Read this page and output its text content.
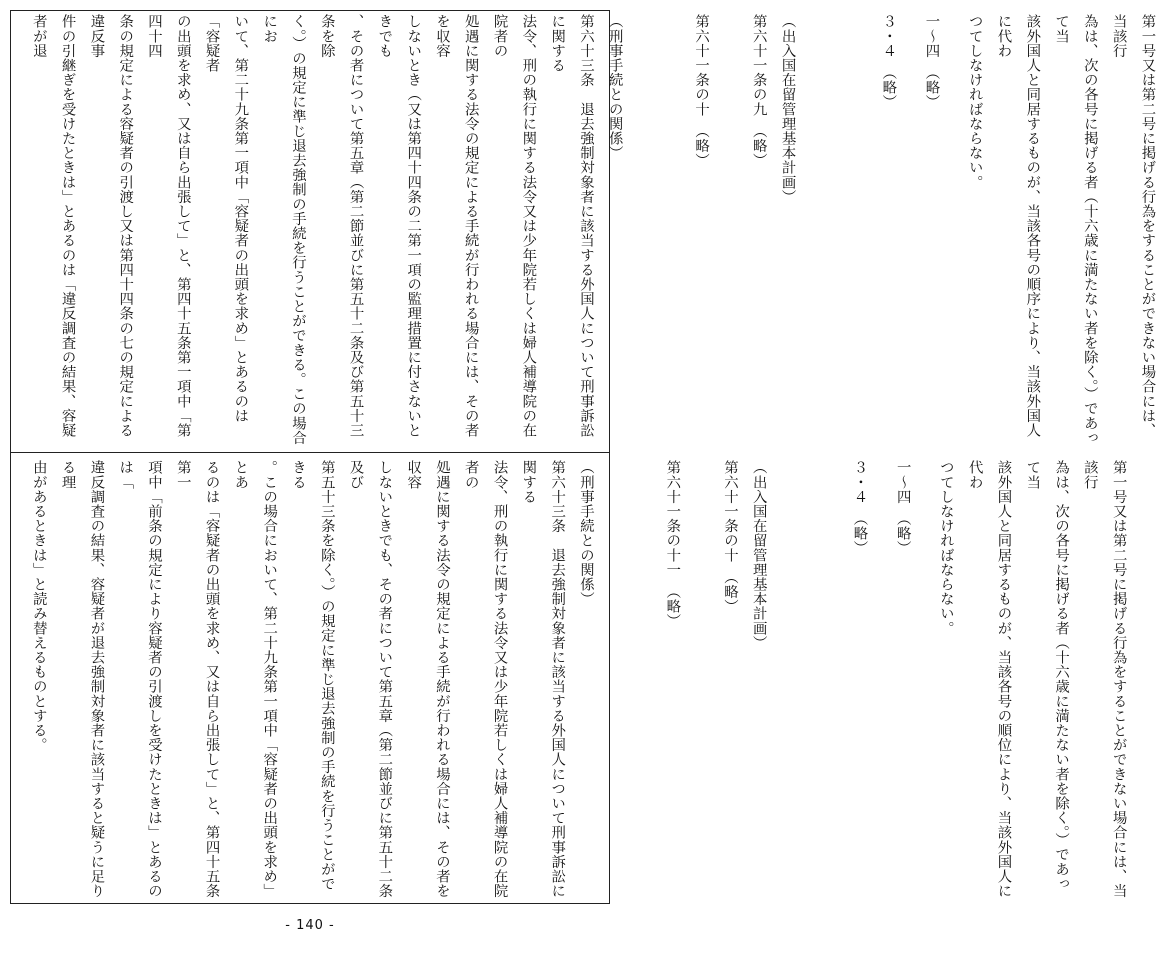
第一号又は第二号に掲げる行為をすることができない場合には、当該行

為は、次の各号に掲げる者（十六歳に満たない者を除く。）であって当

該外国人と同居するものが、当該各号の順序により、当該外国人に代わ

つてしなければならない。

一～四　（略）

３・４　（略）

（出入国在留管理基本計画）

第六十一条の九　（略）

第六十一条の十　（略）

（刑事手続との関係）

第六十三条　退去強制対象者に該当する外国人について刑事訴訟に関する

法令、刑の執行に関する法令又は少年院若しくは婦人補導院の在院者の

処遇に関する法令の規定による手続が行われる場合には、その者を収容

しないとき（又は第四十四条の二第一項の監理措置に付さないときでも

、その者について第五章（第二節並びに第五十二条及び第五十三条を除

く。）の規定に準じ退去強制の手続を行うことができる。この場合にお

いて、第二十九条第一項中「容疑者の出頭を求め」とあるのは「容疑者

の出頭を求め、又は自ら出張して」と、第四十五条第一項中「第四十四

条の規定による容疑者の引渡し又は第四十四条の七の規定による違反事

件の引継ぎを受けたときは」とあるのは「違反調査の結果、容疑者が退

第一号又は第二号に掲げる行為をすることができない場合には、当該行

為は、次の各号に掲げる者（十六歳に満たない者を除く。）であって当

該外国人と同居するものが、当該各号の順位により、当該外国人に代わ

つてしなければならない。

一～四　（略）

３・４　（略）

（出入国在留管理基本計画）

第六十一条の十　（略）

第六十一条の十一　（略）

（刑事手続との関係）

第六十三条　退去強制対象者に該当する外国人について刑事訴訟に関する

法令、刑の執行に関する法令又は少年院若しくは婦人補導院の在院者の

処遇に関する法令の規定による手続が行われる場合には、その者を収容

しないときでも、その者について第五章（第二節並びに第五十二条及び

第五十三条を除く。）の規定に準じ退去強制の手続を行うことができる

。この場合において、第二十九条第一項中「容疑者の出頭を求め」とあ

るのは「容疑者の出頭を求め、又は自ら出張して」と、第四十五条第一

項中「前条の規定により容疑者の引渡しを受けたときは」とあるのは「

違反調査の結果、容疑者が退去強制対象者に該当すると疑うに足りる理

由があるときは」と読み替えるものとする。

- 140 -
